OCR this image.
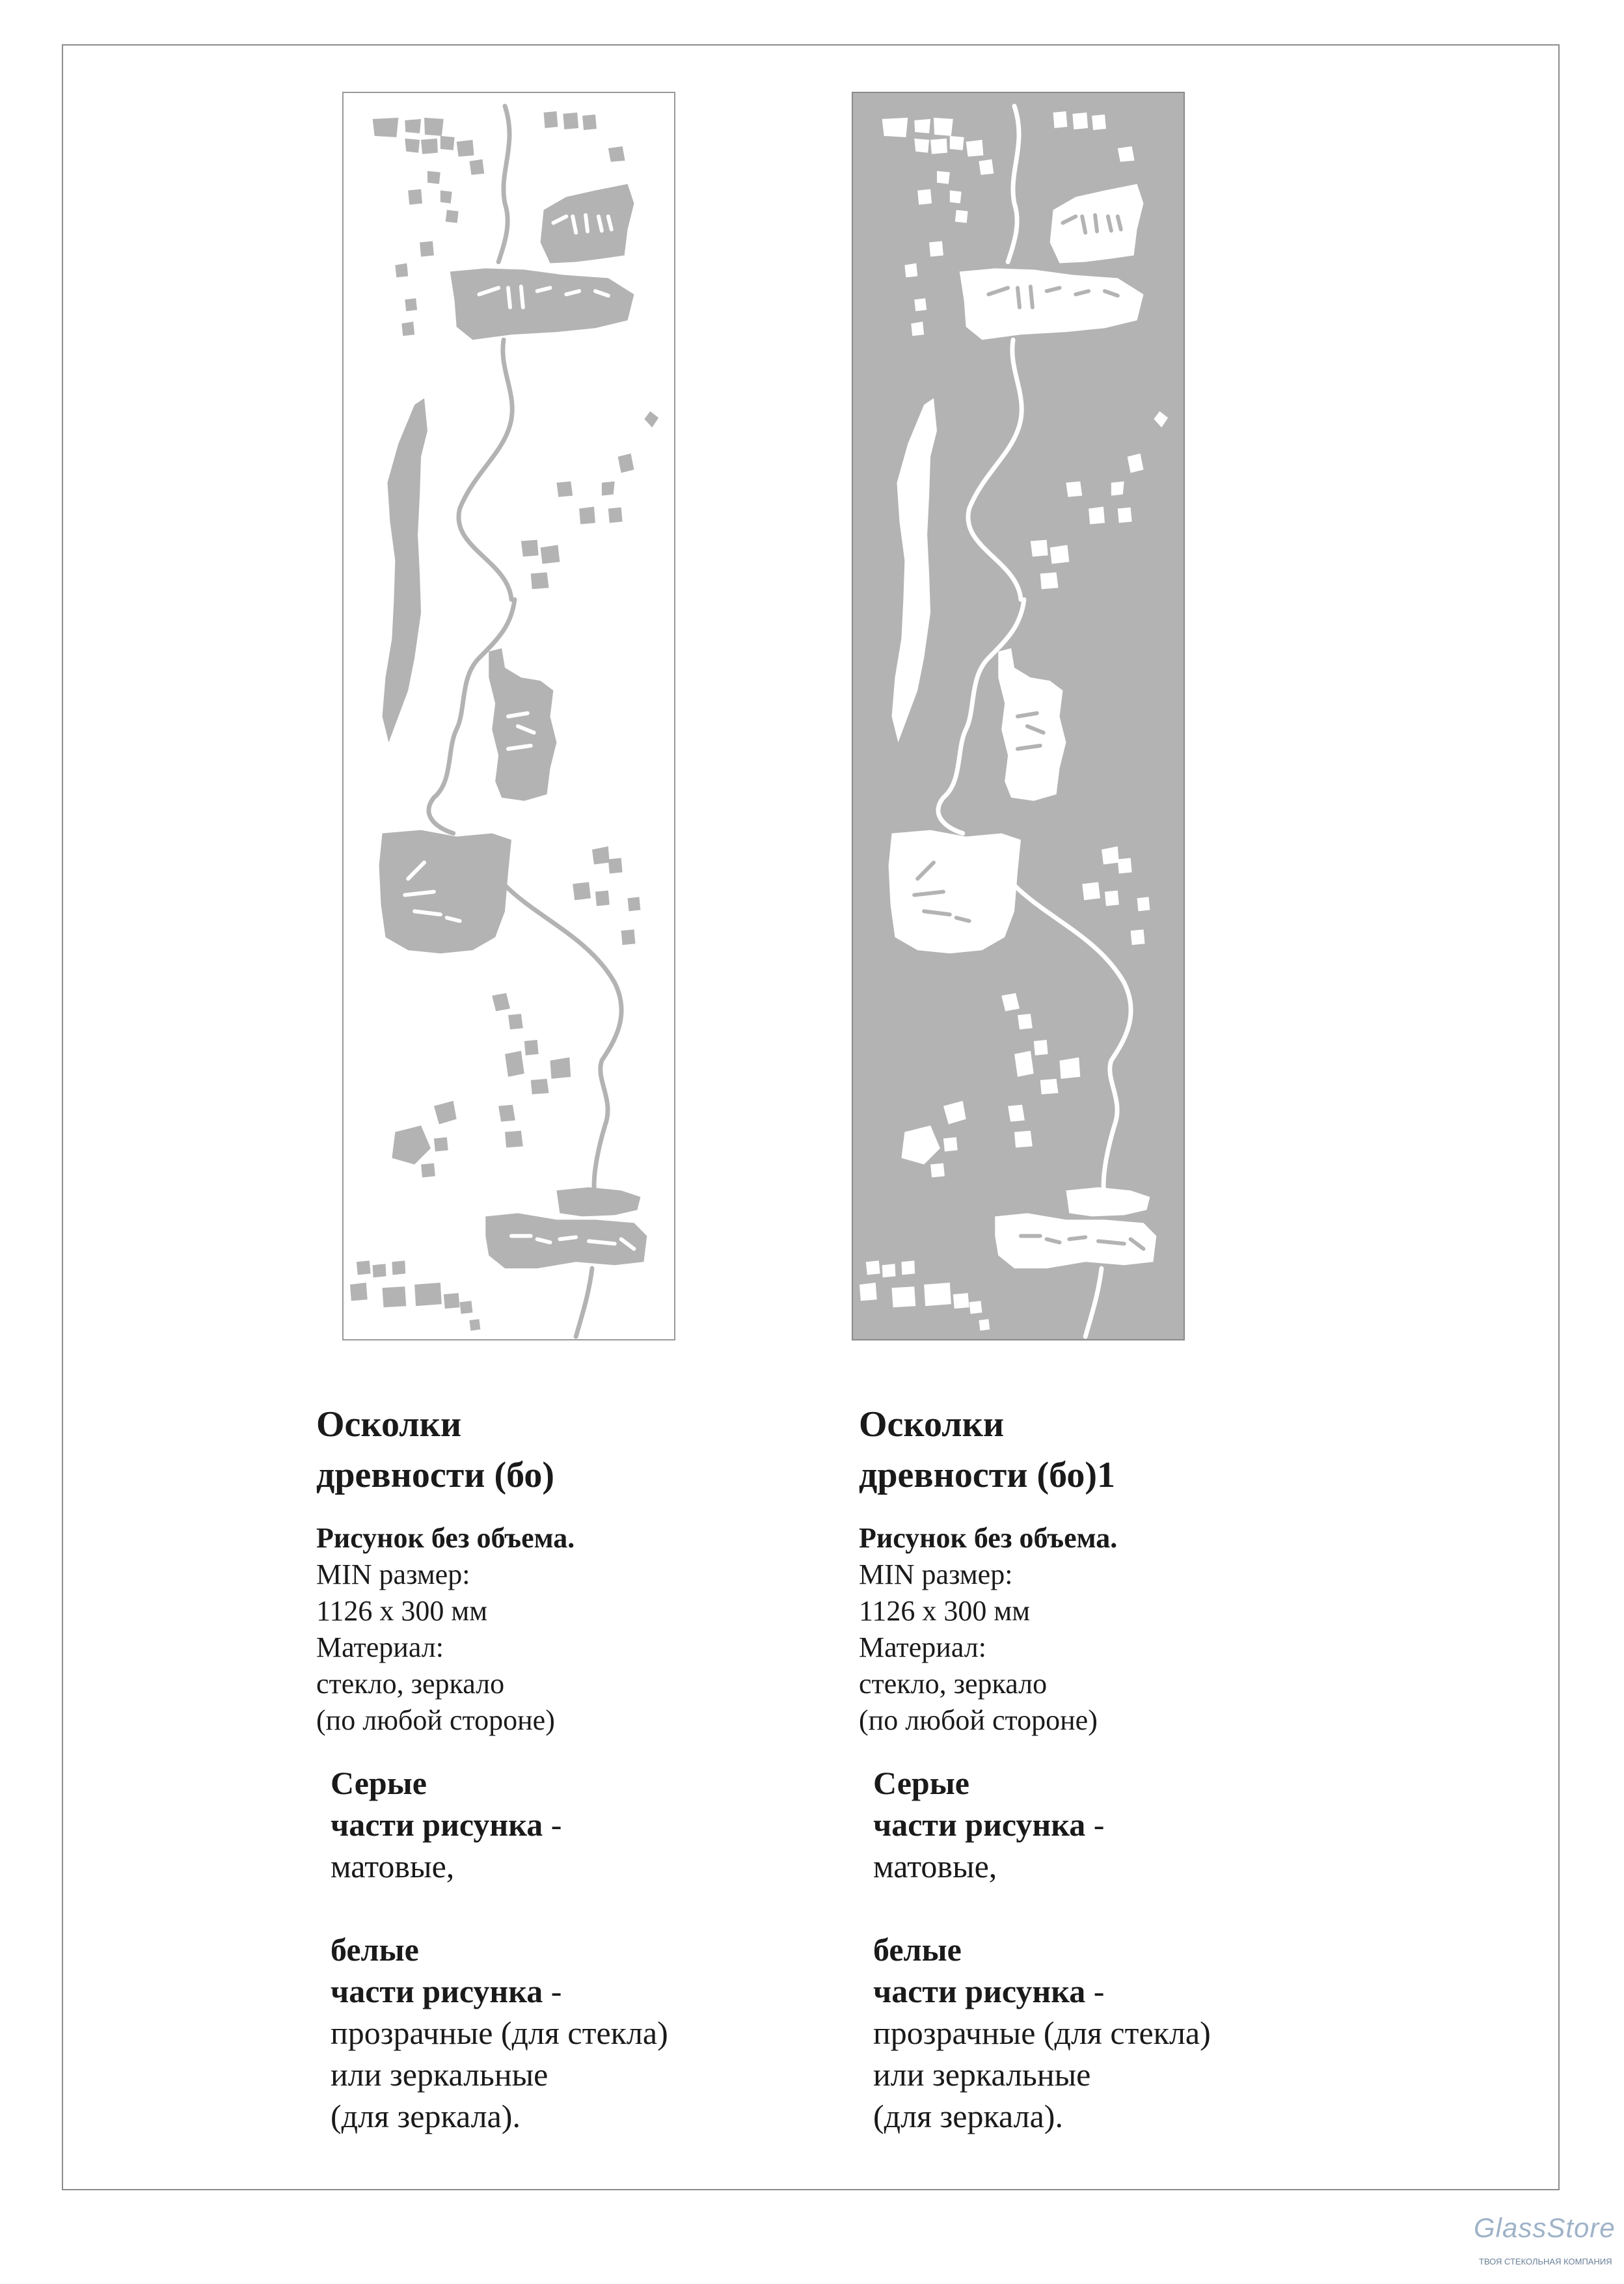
Осколки
древности (бо)

Рисунок без объема.
MIN размер:
1126 х 300 мм
Материал:
стекло, зеркало
(по любой стороне)
Серые
части рисунка -
матовые,
белые
части рисунка -
прозрачные (для стекла)
или зеркальные
(для зеркала).

Осколки
древности (бо)1

Рисунок без объема.
MIN размер:
1126 х 300 мм
Материал:
стекло, зеркало
(по любой стороне)
Серые
части рисунка -
матовые,
белые
части рисунка -
прозрачные (для стекла)
или зеркальные
(для зеркала).
GlassStore
ТВОЯ СТЕКОЛЬНАЯ КОМПАНИЯ
